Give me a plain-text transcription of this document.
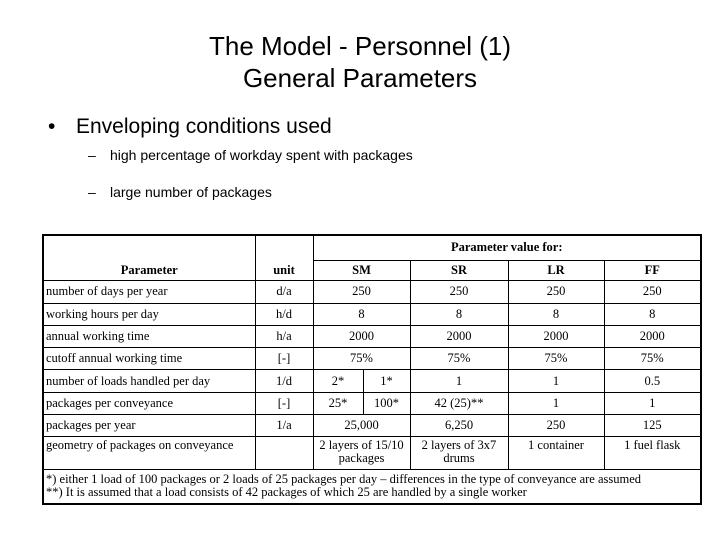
The Model - Personnel (1)
General Parameters
• Enveloping conditions used
– high percentage of workday spent with packages
– large number of packages
Parameter	unit	Parameter value for:				
		SM		SR	LR	FF
number of days per year	d/a	250		250	250	250
working hours per day	h/d	8		8	8	8
annual working time	h/a	2000		2000	2000	2000
cutoff annual working time	[-]	75%		75%	75%	75%
number of loads handled per day	1/d	2*	1*	1	1	0.5
packages per conveyance	[-]	25*	100*	42 (25)**	1	1
packages per year	1/a	25,000		6,250	250	125
geometry of packages on conveyance		2 layers of 15/10 packages		2 layers of 3x7 drums	1 container	1 fuel flask

*) either 1 load of 100 packages or 2 loads of 25 packages per day – differences in the type of conveyance are assumed
**) It is assumed that a load consists of 42 packages of which 25 are handled by a single worker						
